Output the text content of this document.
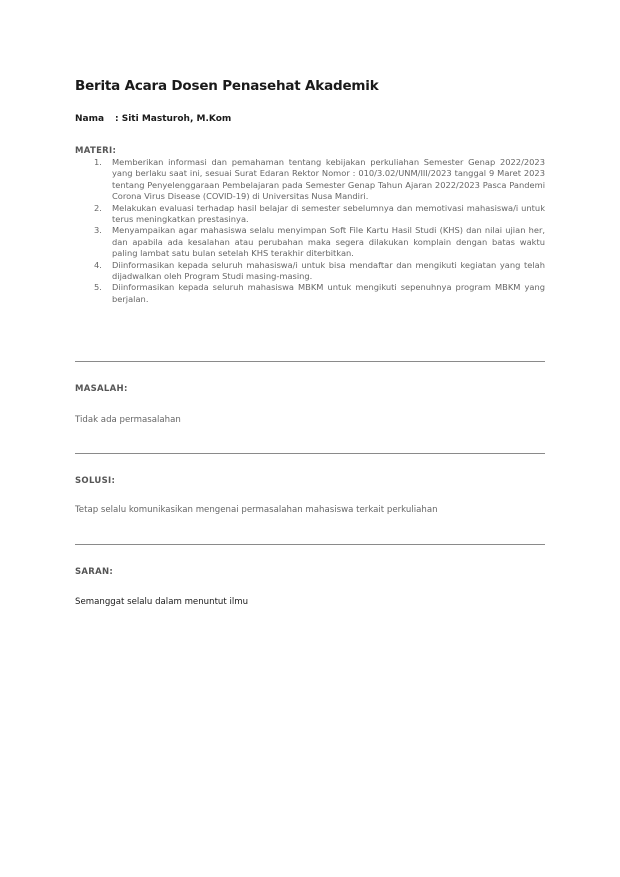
Berita Acara Dosen Penasehat Akademik
Nama : Siti Masturoh, M.Kom
MATERI:
1. Memberikan informasi dan pemahaman tentang kebijakan perkuliahan Semester Genap 2022/2023 yang berlaku saat ini, sesuai Surat Edaran Rektor Nomor : 010/3.02/UNM/III/2023 tanggal 9 Maret 2023 tentang Penyelenggaraan Pembelajaran pada Semester Genap Tahun Ajaran 2022/2023 Pasca Pandemi Corona Virus Disease (COVID-19) di Universitas Nusa Mandiri.
2. Melakukan evaluasi terhadap hasil belajar di semester sebelumnya dan memotivasi mahasiswa/i untuk terus meningkatkan prestasinya.
3. Menyampaikan agar mahasiswa selalu menyimpan Soft File Kartu Hasil Studi (KHS) dan nilai ujian her, dan apabila ada kesalahan atau perubahan maka segera dilakukan komplain dengan batas waktu paling lambat satu bulan setelah KHS terakhir diterbitkan.
4. Diinformasikan kepada seluruh mahasiswa/i untuk bisa mendaftar dan mengikuti kegiatan yang telah dijadwalkan oleh Program Studi masing-masing.
5. Diinformasikan kepada seluruh mahasiswa MBKM untuk mengikuti sepenuhnya program MBKM yang berjalan.
MASALAH:
Tidak ada permasalahan
SOLUSI:
Tetap selalu komunikasikan mengenai permasalahan mahasiswa terkait perkuliahan
SARAN:
Semanggat selalu dalam menuntut ilmu
